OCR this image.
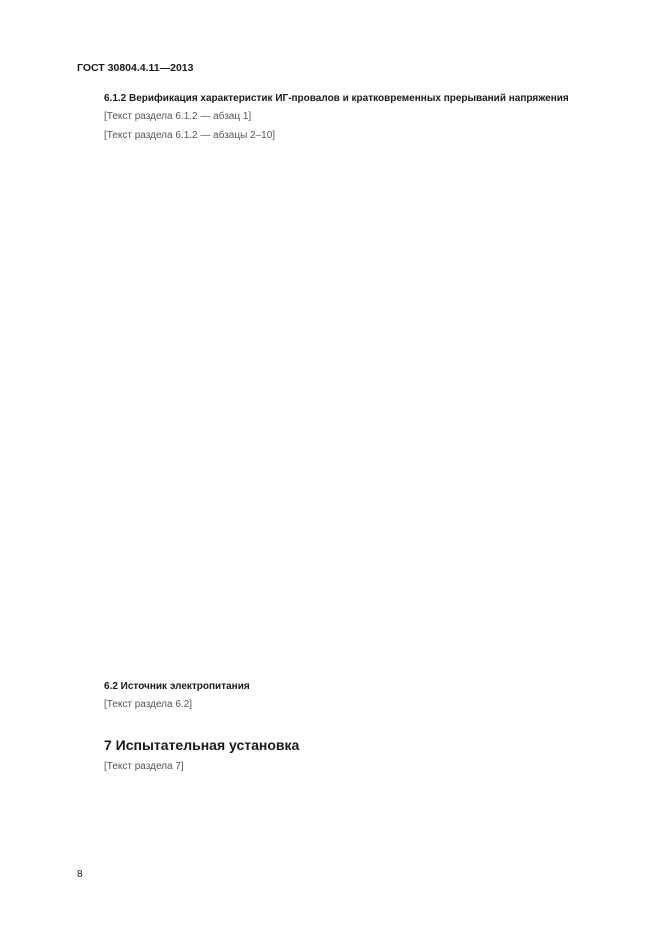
ГОСТ 30804.4.11—2013
6.1.2 Верификация характеристик ИГ-провалов и кратковременных прерываний напряжения
[Текст раздела 6.1.2 — абзац 1]
[Текст раздела 6.1.2 — абзацы 2–10]
6.2 Источник электропитания
[Текст раздела 6.2]
7 Испытательная установка
[Текст раздела 7]
8
